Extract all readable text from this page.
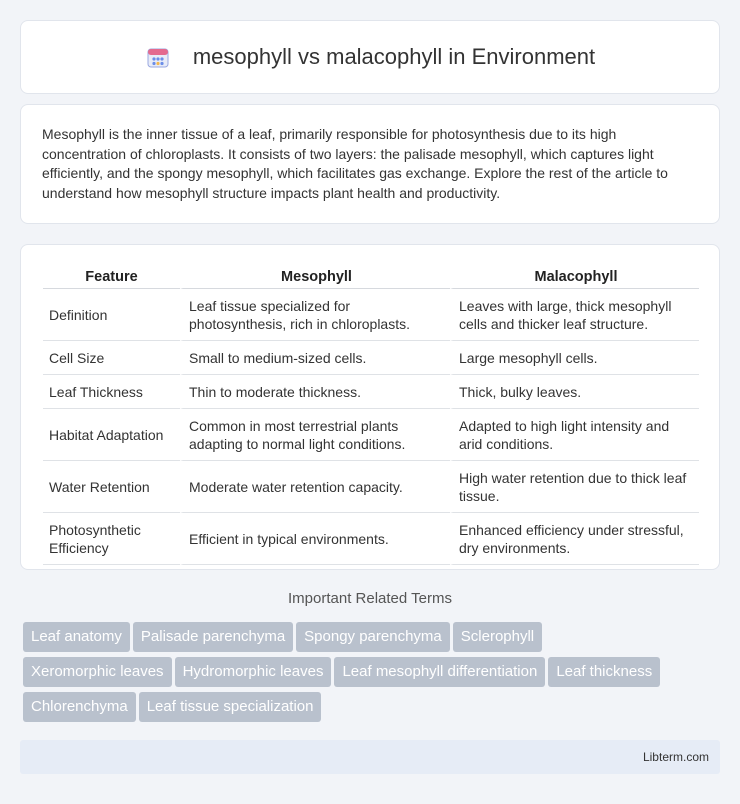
mesophyll vs malacophyll in Environment

Mesophyll is the inner tissue of a leaf, primarily responsible for photosynthesis due to its high concentration of chloroplasts. It consists of two layers: the palisade mesophyll, which captures light efficiently, and the spongy mesophyll, which facilitates gas exchange. Explore the rest of the article to understand how mesophyll structure impacts plant health and productivity.

Feature	Mesophyll	Malacophyll
Definition	Leaf tissue specialized for photosynthesis, rich in chloroplasts.	Leaves with large, thick mesophyll cells and thicker leaf structure.
Cell Size	Small to medium-sized cells.	Large mesophyll cells.
Leaf Thickness	Thin to moderate thickness.	Thick, bulky leaves.
Habitat Adaptation	Common in most terrestrial plants adapting to normal light conditions.	Adapted to high light intensity and arid conditions.
Water Retention	Moderate water retention capacity.	High water retention due to thick leaf tissue.
Photosynthetic Efficiency	Efficient in typical environments.	Enhanced efficiency under stressful, dry environments.
Important Related Terms
Leaf anatomy Palisade parenchyma Spongy parenchyma Sclerophyll
Xeromorphic leaves Hydromorphic leaves Leaf mesophyll differentiation Leaf thickness
Chlorenchyma Leaf tissue specialization
Libterm.com
